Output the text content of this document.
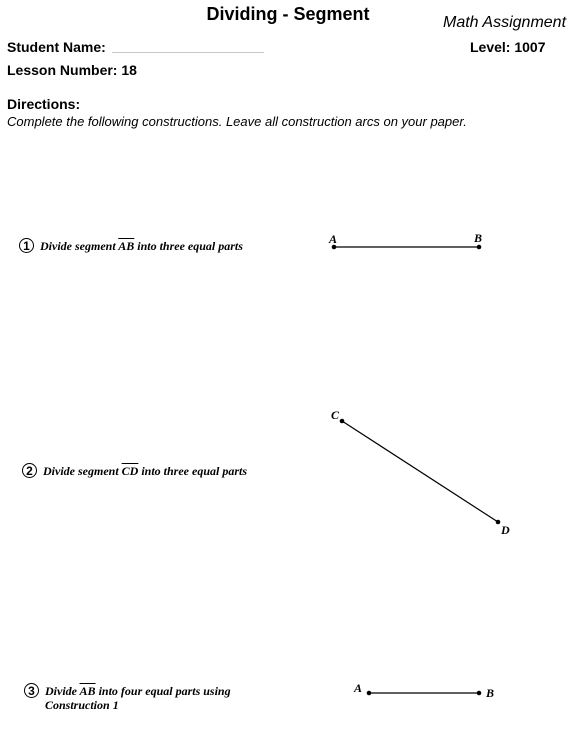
Dividing - Segment	Math Assignment
Student Name:	Level: 1007
Lesson Number: 18
Directions:
Complete the following constructions. Leave all construction arcs on your paper.
1 Divide segment $\overline{AB}$ into three equal parts
2 Divide segment $\overline{CD}$ into three equal parts
3 Divide $\overline{AB}$ into four equal parts using Construction 1
A	B
C
D
A	B
